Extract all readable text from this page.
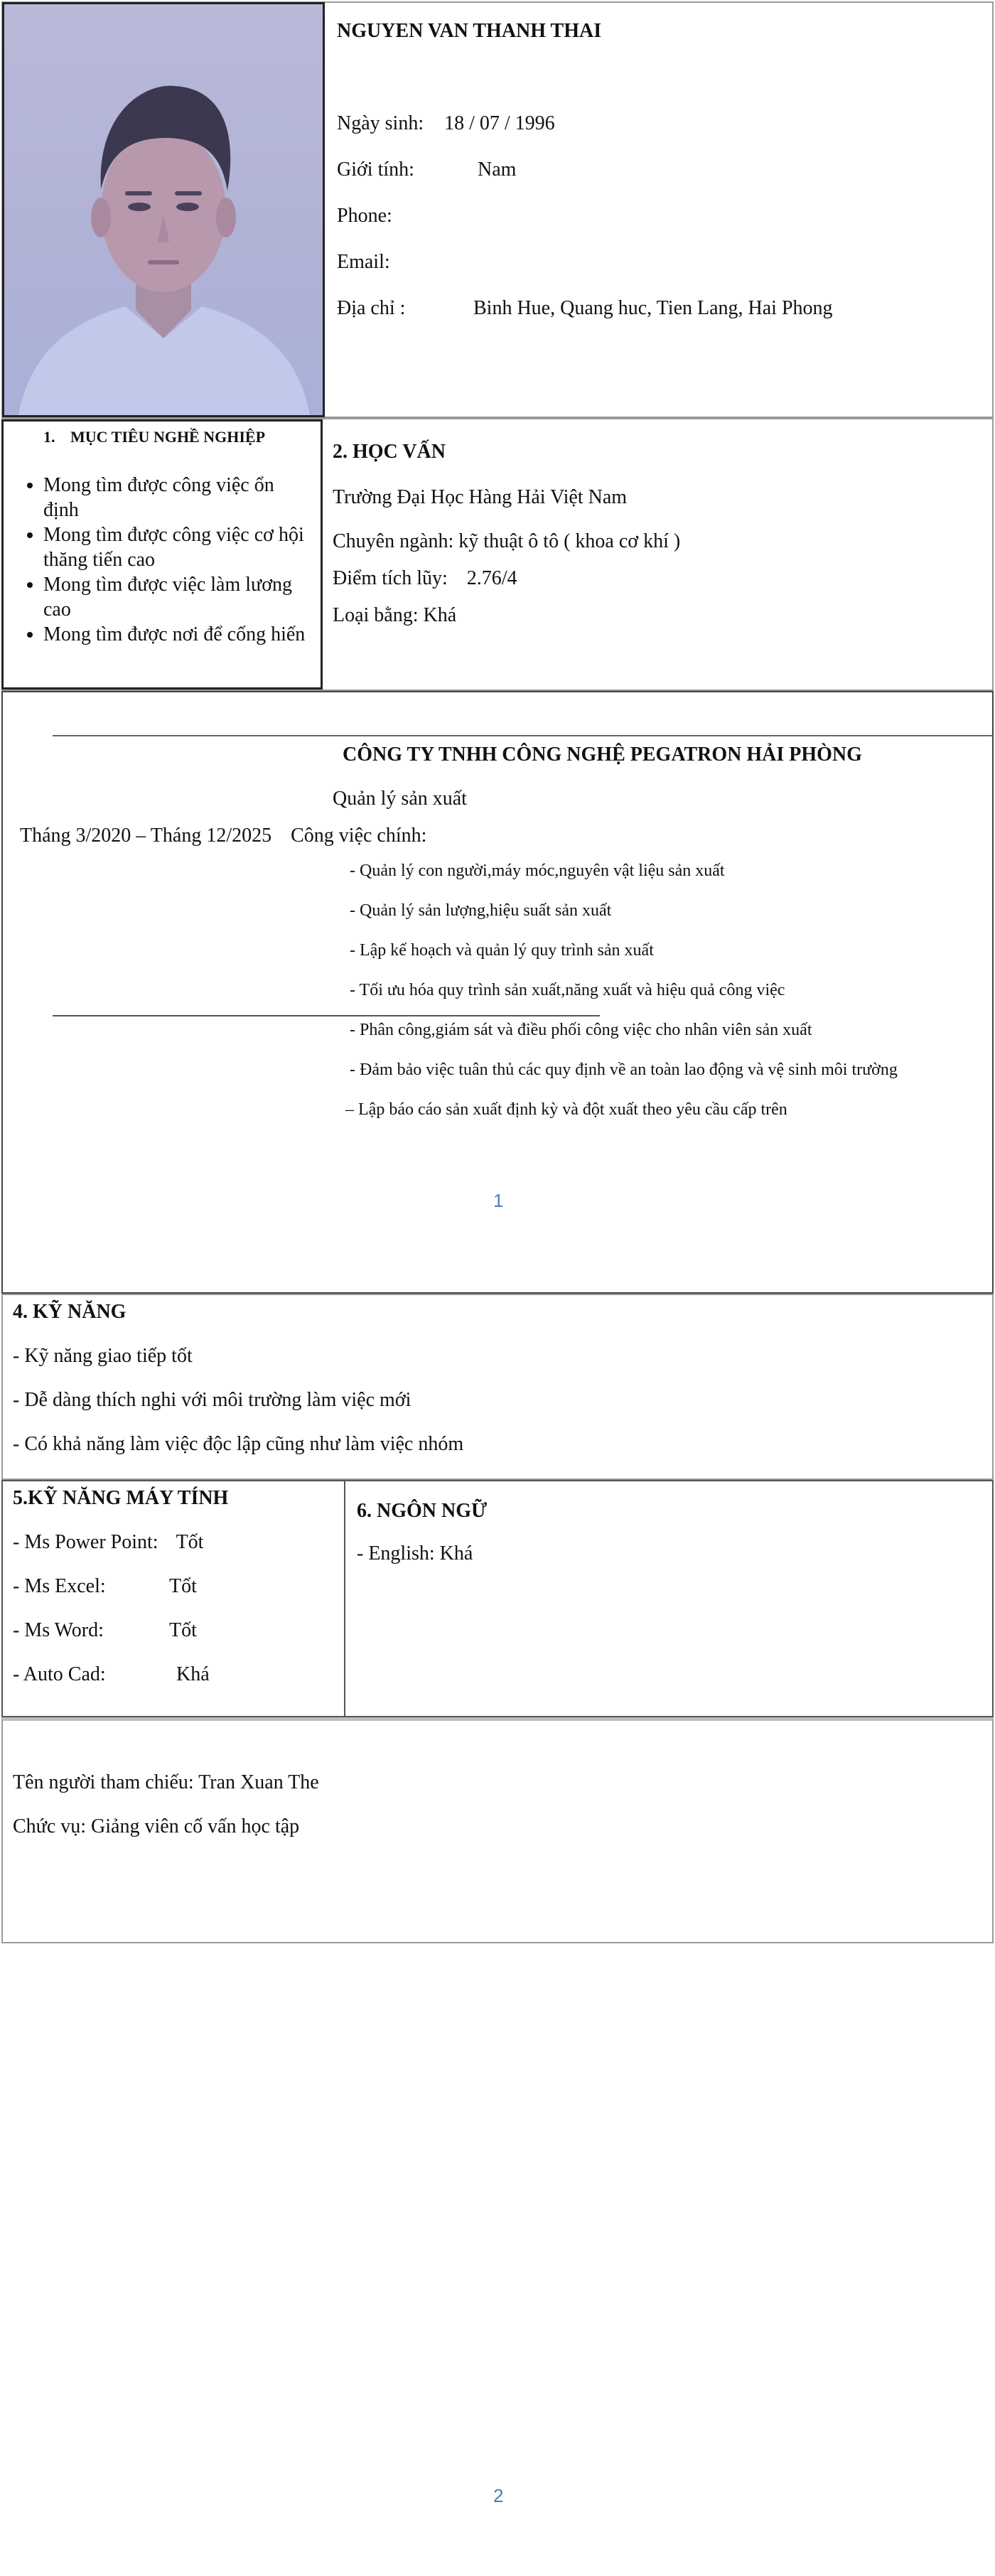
NGUYEN VAN THANH THAI
Ngày sinh: 18 / 07 / 1996
Giới tính:	Nam
Phone:
Email:
Địa chỉ :	Binh Hue, Quang huc, Tien Lang, Hai Phong
1. MỤC TIÊU NGHỀ NGHIỆP
• Mong tìm được công việc ổn định
• Mong tìm được công việc cơ hội thăng tiến cao
• Mong tìm được việc làm lương cao
• Mong tìm được nơi để cống hiến
2. HỌC VẤN
Trường Đại Học Hàng Hải Việt Nam
Chuyên ngành: kỹ thuật ô tô ( khoa cơ khí )
Điểm tích lũy: 2.76/4
Loại bằng: Khá
CÔNG TY TNHH CÔNG NGHỆ PEGATRON HẢI PHÒNG
Quản lý sản xuất
Tháng 3/2020 – Tháng 12/2025 Công việc chính:
- Quản lý con người,máy móc,nguyên vật liệu sản xuất
- Quản lý sản lượng,hiệu suất sản xuất
- Lập kế hoạch và quản lý quy trình sản xuất
- Tối ưu hóa quy trình sản xuất,năng xuất và hiệu quả công việc
- Phân công,giám sát và điều phối công việc cho nhân viên sản xuất
- Đảm bảo việc tuân thủ các quy định về an toàn lao động và vệ sinh môi trường
– Lập báo cáo sản xuất định kỳ và đột xuất theo yêu cầu cấp trên
1
4. KỸ NĂNG
- Kỹ năng giao tiếp tốt
- Dễ dàng thích nghi với môi trường làm việc mới
- Có khả năng làm việc độc lập cũng như làm việc nhóm
5.KỸ NĂNG MÁY TÍNH
- Ms Power Point: Tốt
- Ms Excel:	Tốt
- Ms Word:	Tốt
- Auto Cad:	Khá
6. NGÔN NGỮ
- English: Khá
Tên người tham chiếu: Tran Xuan The
Chức vụ: Giảng viên cố vấn học tập
2
